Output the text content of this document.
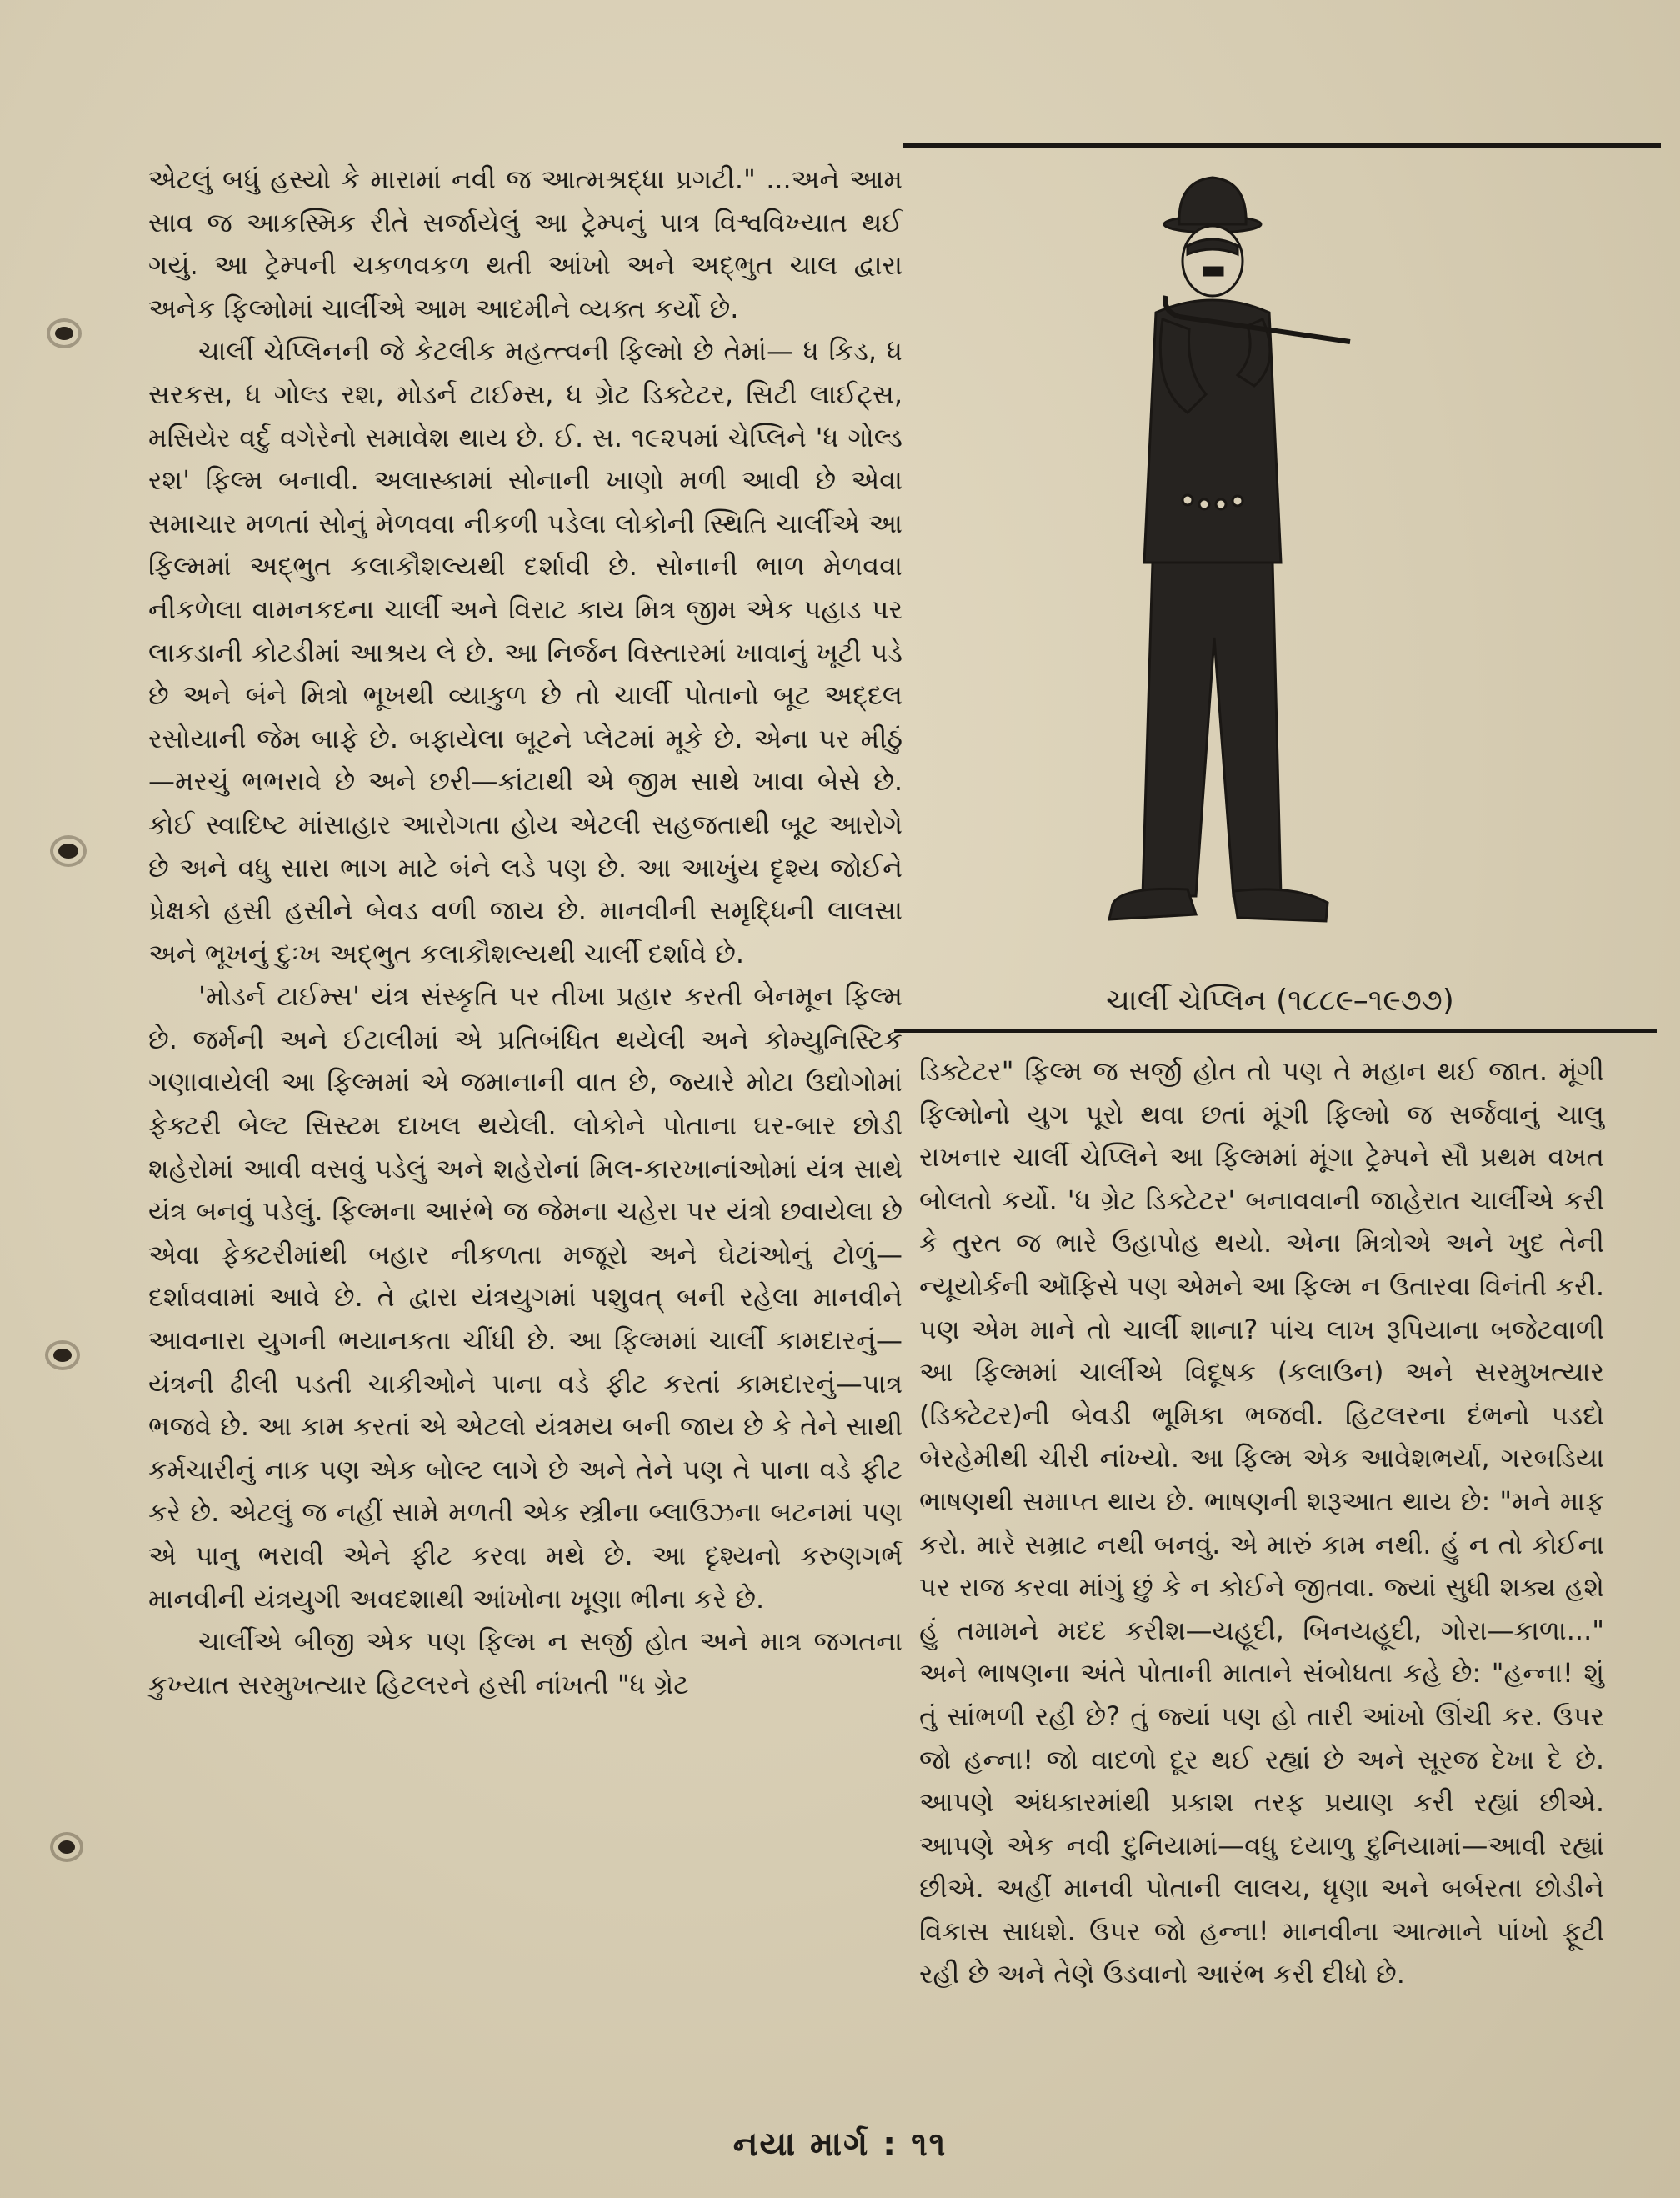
ચાર્લી ચેપ્લિન (૧૮૮૯–૧૯૭૭)

એટલું બધું હસ્યો કે મારામાં નવી જ આત્મશ્રદ્ધા પ્રગટી." ...અને આમ સાવ જ આકસ્મિક રીતે સર્જાયેલું આ ટ્રેમ્પનું પાત્ર વિશ્વવિખ્યાત થઈ ગયું. આ ટ્રેમ્પની ચકળવકળ થતી આંખો અને અદ્‌ભુત ચાલ દ્વારા અનેક ફિલ્મોમાં ચાર્લીએ આમ આદમીને વ્યક્ત કર્યો છે.

ચાર્લી ચેપ્લિનની જે કેટલીક મહત્ત્વની ફિલ્મો છે તેમાં— ધ કિડ, ધ સરકસ, ધ ગોલ્ડ રશ, મોડર્ન ટાઈમ્સ, ધ ગ્રેટ ડિક્ટેટર, સિટી લાઈટ્સ, મસિયેર વર્દુ વગેરેનો સમાવેશ થાય છે. ઈ. સ. ૧૯૨૫માં ચેપ્લિને 'ધ ગોલ્ડ રશ' ફિલ્મ બનાવી. અલાસ્કામાં સોનાની ખાણો મળી આવી છે એવા સમાચાર મળતાં સોનું મેળવવા નીકળી પડેલા લોકોની સ્થિતિ ચાર્લીએ આ ફિલ્મમાં અદ્‌ભુત કલાકૌશલ્યથી દર્શાવી છે. સોનાની ભાળ મેળવવા નીકળેલા વામનકદના ચાર્લી અને વિરાટ કાય મિત્ર જીમ એક પહાડ પર લાકડાની કોટડીમાં આશ્રય લે છે. આ નિર્જન વિસ્તારમાં ખાવાનું ખૂટી પડે છે અને બંને મિત્રો ભૂખથી વ્યાકુળ છે તો ચાર્લી પોતાનો બૂટ અદ્દલ રસોયાની જેમ બાફે છે. બફાયેલા બૂટને પ્લેટમાં મૂકે છે. એના પર મીઠું—મરચું ભભરાવે છે અને છરી—કાંટાથી એ જીમ સાથે ખાવા બેસે છે. કોઈ સ્વાદિષ્ટ માંસાહાર આરોગતા હોય એટલી સહજતાથી બૂટ આરોગે છે અને વધુ સારા ભાગ માટે બંને લડે પણ છે. આ આખુંય દૃશ્ય જોઈને પ્રેક્ષકો હસી હસીને બેવડ વળી જાય છે. માનવીની સમૃદ્ધિની લાલસા અને ભૂખનું દુઃખ અદ્‌ભુત કલાકૌશલ્યથી ચાર્લી દર્શાવે છે.

'મોડર્ન ટાઈમ્સ' યંત્ર સંસ્કૃતિ પર તીખા પ્રહાર કરતી બેનમૂન ફિલ્મ છે. જર્મની અને ઈટાલીમાં એ પ્રતિબંધિત થયેલી અને કોમ્યુનિસ્ટિક ગણાવાયેલી આ ફિલ્મમાં એ જમાનાની વાત છે, જ્યારે મોટા ઉદ્યોગોમાં ફેક્ટરી બેલ્ટ સિસ્ટમ દાખલ થયેલી. લોકોને પોતાના ઘર-બાર છોડી શહેરોમાં આવી વસવું પડેલું અને શહેરોનાં મિલ-કારખાનાંઓમાં યંત્ર સાથે યંત્ર બનવું પડેલું. ફિલ્મના આરંભે જ જેમના ચહેરા પર યંત્રો છવાયેલા છે એવા ફેક્ટરીમાંથી બહાર નીકળતા મજૂરો અને ઘેટાંઓનું ટોળું—દર્શાવવામાં આવે છે. તે દ્વારા યંત્રયુગમાં પશુવત્ બની રહેલા માનવીને આવનારા યુગની ભયાનકતા ચીંધી છે. આ ફિલ્મમાં ચાર્લી કામદારનું—યંત્રની ઢીલી પડતી ચાકીઓને પાના વડે ફીટ કરતાં કામદારનું—પાત્ર ભજવે છે. આ કામ કરતાં એ એટલો યંત્રમય બની જાય છે કે તેને સાથી કર્મચારીનું નાક પણ એક બોલ્ટ લાગે છે અને તેને પણ તે પાના વડે ફીટ કરે છે. એટલું જ નહીં સામે મળતી એક સ્ત્રીના બ્લાઉઝના બટનમાં પણ એ પાનુ ભરાવી એને ફીટ કરવા મથે છે. આ દૃશ્યનો કરુણગર્ભ માનવીની યંત્રયુગી અવદશાથી આંખોના ખૂણા ભીના કરે છે.

ચાર્લીએ બીજી એક પણ ફિલ્મ ન સર્જી હોત અને માત્ર જગતના કુખ્યાત સરમુખત્યાર હિટલરને હસી નાંખતી "ધ ગ્રેટ

ડિક્ટેટર" ફિલ્મ જ સર્જી હોત તો પણ તે મહાન થઈ જાત. મૂંગી ફિલ્મોનો યુગ પૂરો થવા છતાં મૂંગી ફિલ્મો જ સર્જવાનું ચાલુ રાખનાર ચાર્લી ચેપ્લિને આ ફિલ્મમાં મૂંગા ટ્રેમ્પને સૌ પ્રથમ વખત બોલતો કર્યો. 'ધ ગ્રેટ ડિક્ટેટર' બનાવવાની જાહેરાત ચાર્લીએ કરી કે તુરત જ ભારે ઉહાપોહ થયો. એના મિત્રોએ અને ખુદ તેની ન્યૂયોર્કની ઑફિસે પણ એમને આ ફિલ્મ ન ઉતારવા વિનંતી કરી. પણ એમ માને તો ચાર્લી શાના? પાંચ લાખ રૂપિયાના બજેટવાળી આ ફિલ્મમાં ચાર્લીએ વિદૂષક (કલાઉન) અને સરમુખત્યાર (ડિક્ટેટર)ની બેવડી ભૂમિકા ભજવી. હિટલરના દંભનો પડદો બેરહેમીથી ચીરી નાંખ્યો. આ ફિલ્મ એક આવેશભર્યા, ગરબડિયા ભાષણથી સમાપ્ત થાય છે. ભાષણની શરૂઆત થાય છે: "મને માફ કરો. મારે સમ્રાટ નથી બનવું. એ મારું કામ નથી. હું ન તો કોઈના પર રાજ કરવા માંગું છું કે ન કોઈને જીતવા. જ્યાં સુધી શક્ય હશે હું તમામને મદદ કરીશ—યહૂદી, બિનયહૂદી, ગોરા—કાળા..." અને ભાષણના અંતે પોતાની માતાને સંબોધતા કહે છે: "હન્ના! શું તું સાંભળી રહી છે? તું જ્યાં પણ હો તારી આંખો ઊંચી કર. ઉપર જો હન્ના! જો વાદળો દૂર થઈ રહ્યાં છે અને સૂરજ દેખા દે છે. આપણે અંધકારમાંથી પ્રકાશ તરફ પ્રયાણ કરી રહ્યાં છીએ. આપણે એક નવી દુનિયામાં—વધુ દયાળુ દુનિયામાં—આવી રહ્યાં છીએ. અહીં માનવી પોતાની લાલચ, ધૃણા અને બર્બરતા છોડીને વિકાસ સાધશે. ઉપર જો હન્ના! માનવીના આત્માને પાંખો ફૂટી રહી છે અને તેણે ઉડવાનો આરંભ કરી દીધો છે.

નયા માર્ગ : ૧૧
